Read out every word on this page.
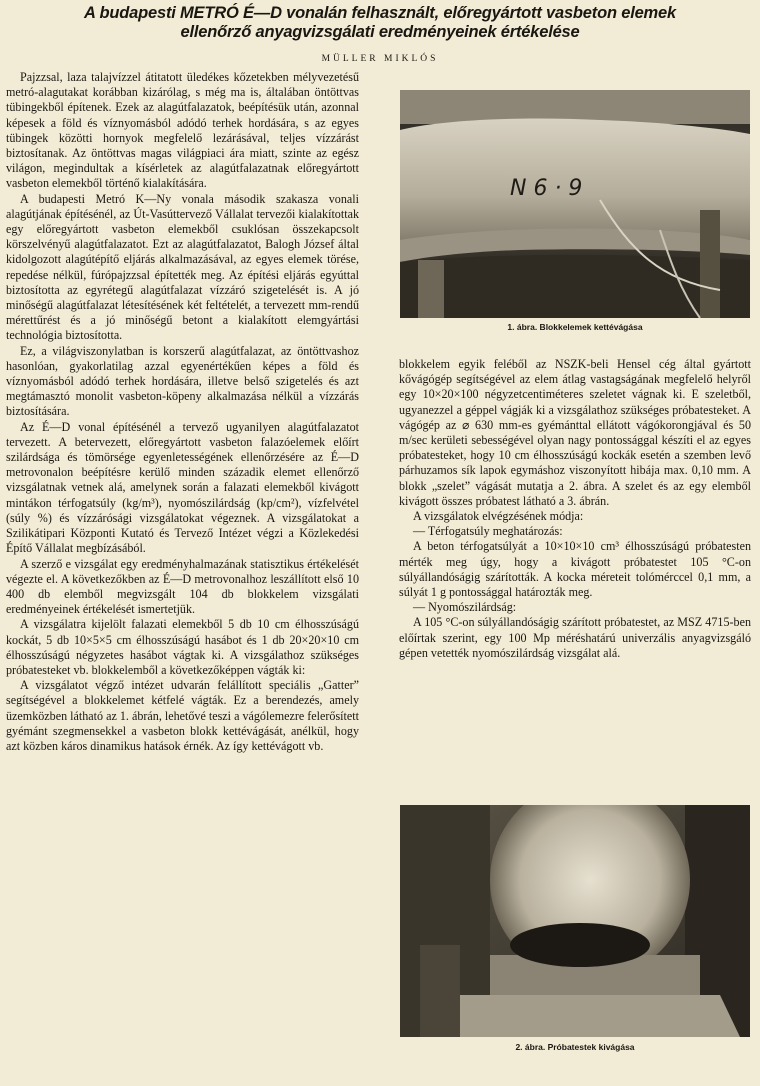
A budapesti METRÓ É—D vonalán felhasznált, előregyártott vasbeton elemek
ellenőrző anyagvizsgálati eredményeinek értékelése
MÜLLER MIKLÓS

Pajzzsal, laza talajvízzel átitatott üledékes kőzetekben mélyvezetésű metró-alagutakat korábban kizárólag, s még ma is, általában öntöttvas tübingekből építenek. Ezek az alagútfalazatok, beépítésük után, azonnal képesek a föld és víznyomásból adódó terhek hordására, s az egyes tübingek közötti hornyok megfelelő lezárásával, teljes vízzárást biztosítanak. Az öntöttvas magas világpiaci ára miatt, szinte az egész világon, megindultak a kísérletek az alagútfalazatnak előregyártott vasbeton elemekből történő kialakítására.

A budapesti Metró K—Ny vonala második szakasza vonali alagútjának építésénél, az Út-Vasúttervező Vállalat tervezői kialakítottak egy előregyártott vasbeton elemekből csuklósan összekapcsolt körszelvényű alagútfalazatot. Ezt az alagútfalazatot, Balogh József által kidolgozott alagútépítő eljárás alkalmazásával, az egyes elemek törése, repedése nélkül, fúrópajzzsal építették meg. Az építési eljárás egyúttal biztosította az egyrétegű alagútfalazat vízzáró szigetelését is. A jó minőségű alagútfalazat létesítésének két feltételét, a tervezett mm-rendű mérettűrést és a jó minőségű betont a kialakított elemgyártási technológia biztosította.

Ez, a világviszonylatban is korszerű alagútfalazat, az öntöttvashoz hasonlóan, gyakorlatilag azzal egyenértékűen képes a föld és víznyomásból adódó terhek hordására, illetve belső szigetelés és azt megtámasztó monolit vasbeton-köpeny alkalmazása nélkül a vízzárás biztosítására.

Az É—D vonal építésénél a tervező ugyanilyen alagútfalazatot tervezett. A betervezett, előregyártott vasbeton falazóelemek előírt szilárdsága és tömörsége egyenletességének ellenőrzésére az É—D metrovonalon beépítésre kerülő minden századik elemet ellenőrző vizsgálatnak vetnek alá, amelynek során a falazati elemekből kivágott mintákon térfogatsúly (kg/m³), nyomószilárdság (kp/cm²), vízfelvétel (súly %) és vízzárósági vizsgálatokat végeznek. A vizsgálatokat a Szilikátipari Központi Kutató és Tervező Intézet végzi a Közlekedési Építő Vállalat megbízásából.

A szerző e vizsgálat egy eredményhalmazának statisztikus értékelését végezte el. A következőkben az É—D metrovonalhoz leszállított első 10 400 db elemből megvizsgált 104 db blokkelem vizsgálati eredményeinek értékelését ismertetjük.

A vizsgálatra kijelölt falazati elemekből 5 db 10 cm élhosszúságú kockát, 5 db 10×5×5 cm élhosszúságú hasábot és 1 db 20×20×10 cm élhosszúságú négyzetes hasábot vágtak ki. A vizsgálathoz szükséges próbatesteket vb. blokkelemből a következőképpen vágták ki:

A vizsgálatot végző intézet udvarán felállított speciális „Gatter” segítségével a blokkelemet kétfelé vágták. Ez a berendezés, amely üzemközben látható az 1. ábrán, lehetővé teszi a vágólemezre felerősített gyémánt szegmensekkel a vasbeton blokk kettévágását, anélkül, hogy azt közben káros dinamikus hatások érnék. Az így kettévágott vb.

N 6 · 9
1. ábra. Blokkelemek kettévágása

blokkelem egyik feléből az NSZK-beli Hensel cég által gyártott kővágógép segítségével az elem átlag vastagságának megfelelő helyről egy 10×20×100 négyzetcentiméteres szeletet vágnak ki. E szeletből, ugyanezzel a géppel vágják ki a vizsgálathoz szükséges próbatesteket. A vágógép az ⌀ 630 mm-es gyémánttal ellátott vágókorongjával és 50 m/sec kerületi sebességével olyan nagy pontossággal készíti el az egyes próbatesteket, hogy 10 cm élhosszúságú kockák esetén a szemben levő párhuzamos sík lapok egymáshoz viszonyított hibája max. 0,10 mm. A blokk „szelet” vágását mutatja a 2. ábra. A szelet és az egy elemből kivágott összes próbatest látható a 3. ábrán.

A vizsgálatok elvégzésének módja:

— Térfogatsúly meghatározás:

A beton térfogatsúlyát a 10×10×10 cm³ élhosszúságú próbatesten mérték meg úgy, hogy a kivágott próbatestet 105 °C-on súlyállandóságig szárították. A kocka méreteit tolómérccel 0,1 mm, a súlyát 1 g pontossággal határozták meg.

— Nyomószilárdság:

A 105 °C-on súlyállandóságig szárított próbatestet, az MSZ 4715-ben előírtak szerint, egy 100 Mp méréshatárú univerzális anyagvizsgáló gépen vetették nyomószilárdság vizsgálat alá.

2. ábra. Próbatestek kivágása
